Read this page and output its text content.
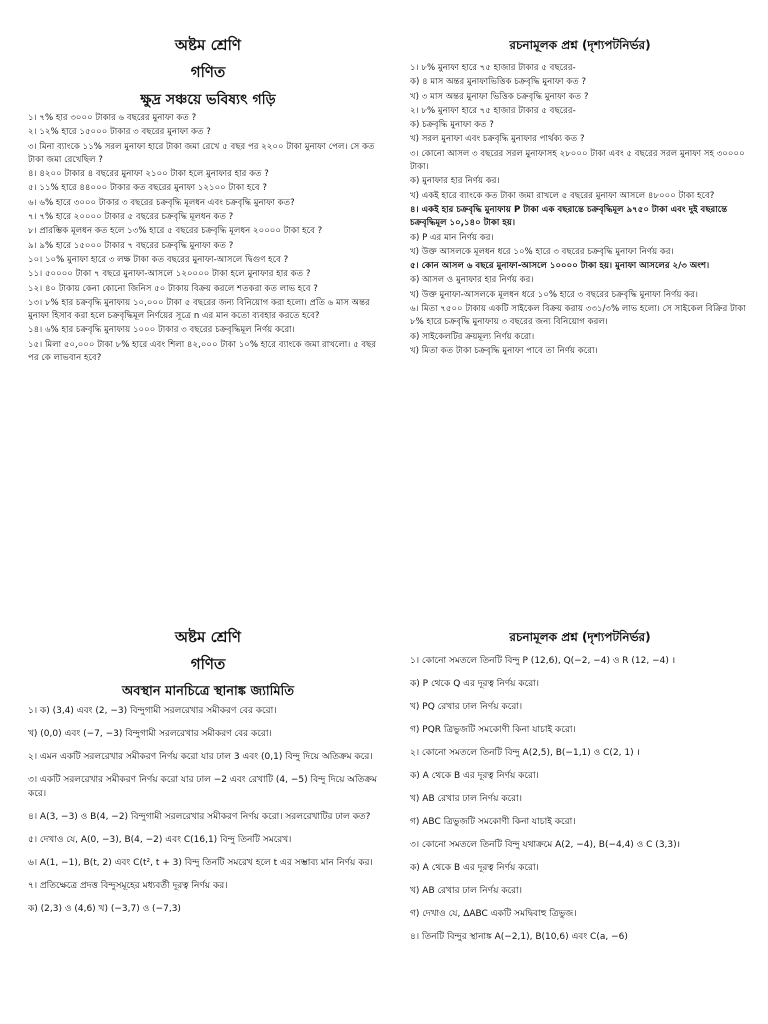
অষ্টম শ্রেণি
গণিত
ক্ষুদ্র সঞ্চয়ে ভবিষ্যৎ গড়ি
১। ৭% হার ৩০০০ টাকার ৬ বছরের মুনাফা কত ?
২। ১২% হারে ১৫০০০ টাকার ৩ বছরের মুনাফা কত ?
৩। মিনা ব্যাংকে ১১% সরল মুনাফা হারে টাকা জমা রেখে ৫ বছর পর ২২০০ টাকা মুনাফা পেল। সে কত টাকা জমা রেখেছিল ?
৪। ৪২০০ টাকার ৪ বছরের মুনাফা ২১০০ টাকা হলে মুনাফার হার কত ?
৫। ১১% হারে ৪৪০০০ টাকার কত বছরের মুনাফা ১২১০০ টাকা হবে ?
৬। ৬% হারে ৩০০০ টাকার ৩ বছরের চক্রবৃদ্ধি মূলধন এবং চক্রবৃদ্ধি মুনাফা কত?
৭। ৭% হারে ২০০০০ টাকার ৫ বছরের চক্রবৃদ্ধি মূলধন কত ?
৮। প্রারম্ভিক মূলধন কত হলে ১৩% হারে ৫ বছরের চক্রবৃদ্ধি মূলধন ২০০০০ টাকা হবে ?
৯। ৯% হারে ১৫০০০ টাকার ৭ বছরের চক্রবৃদ্ধি মুনাফা কত ?
১০। ১০% মুনাফা হারে ৩ লক্ষ টাকা কত বছরের মুনাফা-আসলে দ্বিগুণ হবে ?
১১। ৫০০০০ টাকা ৭ বছরে মুনাফা-আসলে ১২০০০০ টাকা হলে মুনাফার হার কত ?
১২। ৪০ টাকায় কেনা কোনো জিনিস ৫০ টাকায় বিক্রয় করলে শতকরা কত লাভ হবে ?
১৩। ৮% হার চক্রবৃদ্ধি মুনাফায় ১০,০০০ টাকা ৫ বছরের জন্য বিনিয়োগ করা হলো। প্রতি ৬ মাস অন্তর মুনাফা হিসাব করা হলে চক্রবৃদ্ধিমূল নির্ণয়ের সূত্রে n এর মান কতো ব্যবহার করতে হবে?
১৪। ৬% হার চক্রবৃদ্ধি মুনাফায় ১০০০ টাকার ৩ বছরের চক্রবৃদ্ধিমূল নির্ণয় করো।
১৫। মিলা ৫০,০০০ টাকা ৮% হারে এবং শিলা ৪২,০০০ টাকা ১০% হারে ব্যাংকে জমা রাখলো। ৫ বছর পর কে লাভবান হবে?
রচনামূলক প্রশ্ন (দৃশ্যপটনির্ভর)
১। ৮% মুনাফা হারে ৭৫ হাজার টাকার ৫ বছরের-
ক) ৪ মাস অন্তর মুনাফাভিত্তিক চক্রবৃদ্ধি মুনাফা কত ?
খ) ৩ মাস অন্তর মুনাফা ভিত্তিক চক্রবৃদ্ধি মুনাফা কত ?
২। ৮% মুনাফা হারে ৭৫ হাজার টাকার ৫ বছরের-
ক) চক্রবৃদ্ধি মুনাফা কত ?
খ) সরল মুনাফা এবং চক্রবৃদ্ধি মুনাফার পার্থক্য কত ?
৩। কোনো আসল ৩ বছরের সরল মুনাফাসহ ২৮০০০ টাকা এবং ৫ বছরের সরল মুনাফা সহ ৩০০০০ টাকা।
ক) মুনাফার হার নির্ণয় কর।
খ) একই হারে ব্যাংকে কত টাকা জমা রাখলে ৫ বছরের মুনাফা আসলে ৪৮০০০ টাকা হবে?
৪। একই হার চক্রবৃদ্ধি মুনাফায় P টাকা এক বছরান্তে চক্রবৃদ্ধিমূল ৯৭৫০ টাকা এবং দুই বছরান্তে চক্রবৃদ্ধিমূল ১০,১৪০ টাকা হয়।
ক) P এর মান নির্ণয় কর।
খ) উক্ত আসলকে মূলধন ধরে ১০% হারে ৩ বছরের চক্রবৃদ্ধি মুনাফা নির্ণয় কর।
৫। কোন আসল ৬ বছরে মুনাফা-আসলে ১০০০০ টাকা হয়। মুনাফা আসলের ২/৩ অংশ।
ক) আসল ও মুনাফার হার নির্ণয় কর।
খ) উক্ত মুনাফা-আসলকে মূলধন ধরে ১০% হারে ৩ বছরের চক্রবৃদ্ধি মুনাফা নির্ণয় কর।
৬। মিতা ৭৫০০ টাকায় একটি সাইকেল বিক্রয় করায় ৩৩১/৩% লাভ হলো। সে সাইকেল বিক্রির টাকা ৮% হারে চক্রবৃদ্ধি মুনাফায় ৩ বছরের জন্য বিনিয়োগ করল।
ক) সাইকেলটির ক্রয়মূল্য নির্ণয় করো।
খ) মিতা কত টাকা চক্রবৃদ্ধি মুনাফা পাবে তা নির্ণয় করো।
অষ্টম শ্রেণি
গণিত
অবস্থান মানচিত্রে স্থানাঙ্ক জ্যামিতি
১। ক) (3,4) এবং (2, −3) বিন্দুগামী সরলরেখার সমীকরণ বের করো।
খ) (0,0) এবং (−7, −3) বিন্দুগামী সরলরেখার সমীকরণ বের করো।
২। এমন একটি সরলরেখার সমীকরণ নির্ণয় করো যার ঢাল 3 এবং (0,1) বিন্দু দিয়ে অতিক্রম করে।
৩। একটি সরলরেখার সমীকরণ নির্ণয় করো যার ঢাল −2 এবং রেখাটি (4, −5) বিন্দু দিয়ে অতিক্রম করে।
৪। A(3, −3) ও B(4, −2) বিন্দুগামী সরলরেখার সমীকরণ নির্ণয় করো। সরলরেখাটির ঢাল কত?
৫। দেখাও যে, A(0, −3), B(4, −2) এবং C(16,1) বিন্দু তিনটি সমরেখ।
৬। A(1, −1), B(t, 2) এবং C(t², t + 3) বিন্দু তিনটি সমরেখ হলে t এর সম্ভাব্য মান নির্ণয় কর।
৭। প্রতিক্ষেত্রে প্রদত্ত বিন্দুসমূহের মধ্যবর্তী দূরত্ব নির্ণয় কর।
ক) (2,3) ও (4,6) খ) (−3,7) ও (−7,3)
রচনামূলক প্রশ্ন (দৃশ্যপটনির্ভর)
১। কোনো সমতলে তিনটি বিন্দু P (12,6), Q(−2, −4) ও R (12, −4) ।
ক) P থেকে Q এর দূরত্ব নির্ণয় করো।
খ) PQ রেখার ঢাল নির্ণয় করো।
গ) PQR ত্রিভুজটি সমকোণী কিনা যাচাই করো।
২। কোনো সমতলে তিনটি বিন্দু A(2,5), B(−1,1) ও C(2, 1) ।
ক) A থেকে B এর দূরত্ব নির্ণয় করো।
খ) AB রেখার ঢাল নির্ণয় করো।
গ) ABC ত্রিভুজটি সমকোণী কিনা যাচাই করো।
৩। কোনো সমতলে তিনটি বিন্দু যথাক্রমে A(2, −4), B(−4,4) ও C (3,3)।
ক) A থেকে B এর দূরত্ব নির্ণয় করো।
খ) AB রেখার ঢাল নির্ণয় করো।
গ) দেখাও যে, ΔABC একটি সমদ্বিবাহু ত্রিভুজ।
৪। তিনটি বিন্দুর স্থানাঙ্ক A(−2,1), B(10,6) এবং C(a, −6)
